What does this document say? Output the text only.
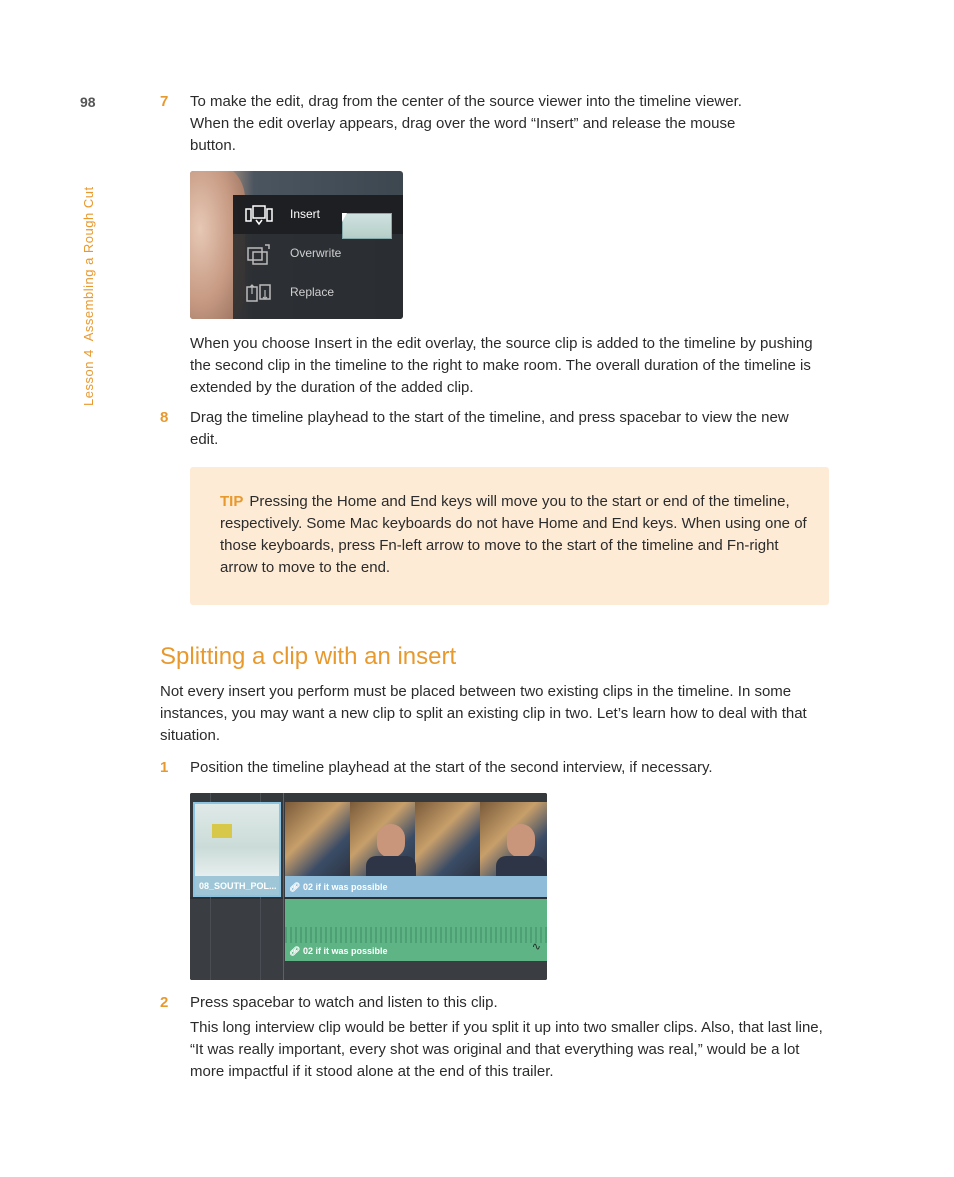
98
Lesson 4Assembling a Rough Cut
7 To make the edit, drag from the center of the source viewer into the timeline viewer. When the edit overlay appears, drag over the word “Insert” and release the mouse button.
Insert
Overwrite
Replace
When you choose Insert in the edit overlay, the source clip is added to the timeline by pushing the second clip in the timeline to the right to make room. The overall duration of the timeline is extended by the duration of the added clip.
8 Drag the timeline playhead to the start of the timeline, and press spacebar to view the new edit.
TIP Pressing the Home and End keys will move you to the start or end of the timeline, respectively. Some Mac keyboards do not have Home and End keys. When using one of those keyboards, press Fn-left arrow to move to the start of the timeline and Fn-right arrow to move to the end.
Splitting a clip with an insert
Not every insert you perform must be placed between two existing clips in the timeline. In some instances, you may want a new clip to split an existing clip in two. Let’s learn how to deal with that situation.
1 Position the timeline playhead at the start of the second interview, if necessary.
08_SOUTH_POL... 🔗︎ 02 if it was possible
🔗︎ 02 if it was possible	∿
2 Press spacebar to watch and listen to this clip.
This long interview clip would be better if you split it up into two smaller clips. Also, that last line, “It was really important, every shot was original and that everything was real,” would be a lot more impactful if it stood alone at the end of this trailer.
